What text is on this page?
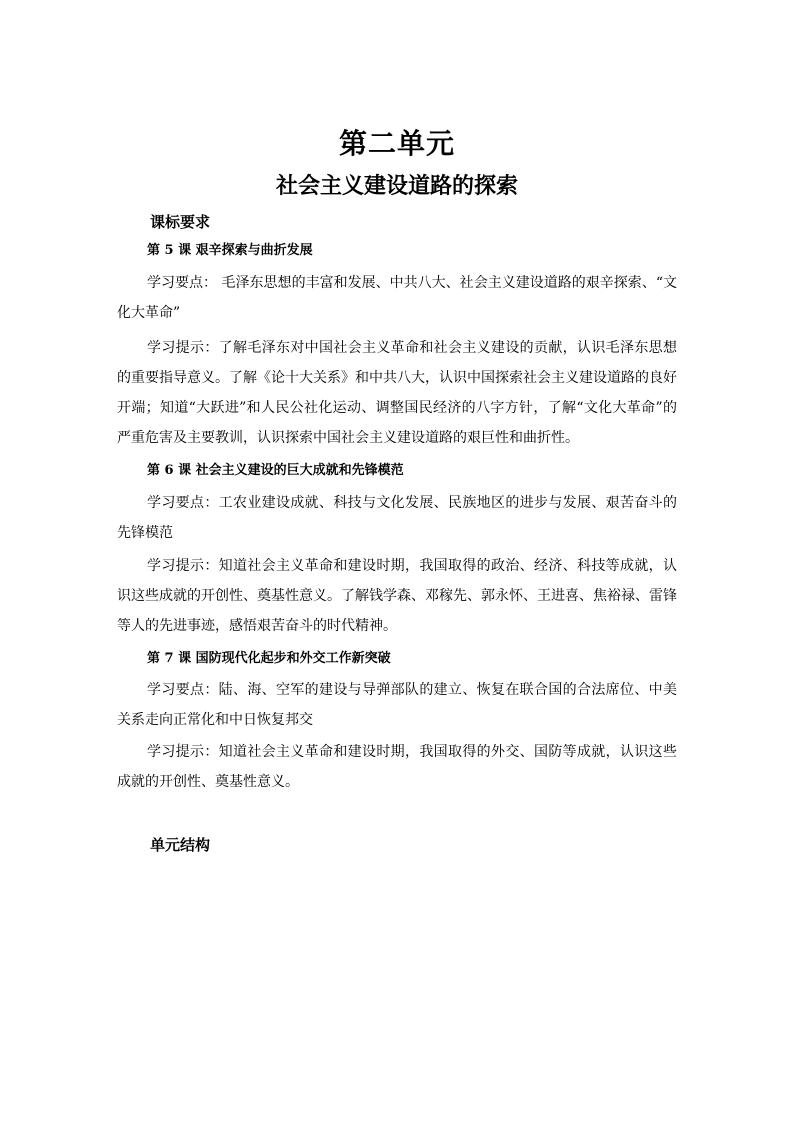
第二单元
社会主义建设道路的探索
课标要求
第 5 课 艰辛探索与曲折发展
学习要点： 毛泽东思想的丰富和发展、中共八大、社会主义建设道路的艰辛探索、“文化大革命”
学习提示：了解毛泽东对中国社会主义革命和社会主义建设的贡献，认识毛泽东思想的重要指导意义。了解《论十大关系》和中共八大，认识中国探索社会主义建设道路的良好开端；知道“大跃进”和人民公社化运动、调整国民经济的八字方针，了解“文化大革命”的严重危害及主要教训，认识探索中国社会主义建设道路的艰巨性和曲折性。
第 6 课 社会主义建设的巨大成就和先锋模范
学习要点：工农业建设成就、科技与文化发展、民族地区的进步与发展、艰苦奋斗的先锋模范
学习提示：知道社会主义革命和建设时期，我国取得的政治、经济、科技等成就，认识这些成就的开创性、奠基性意义。了解钱学森、邓稼先、郭永怀、王进喜、焦裕禄、雷锋等人的先进事迹，感悟艰苦奋斗的时代精神。
第 7 课 国防现代化起步和外交工作新突破
学习要点：陆、海、空军的建设与导弹部队的建立、恢复在联合国的合法席位、中美关系走向正常化和中日恢复邦交
学习提示：知道社会主义革命和建设时期，我国取得的外交、国防等成就，认识这些成就的开创性、奠基性意义。
单元结构
